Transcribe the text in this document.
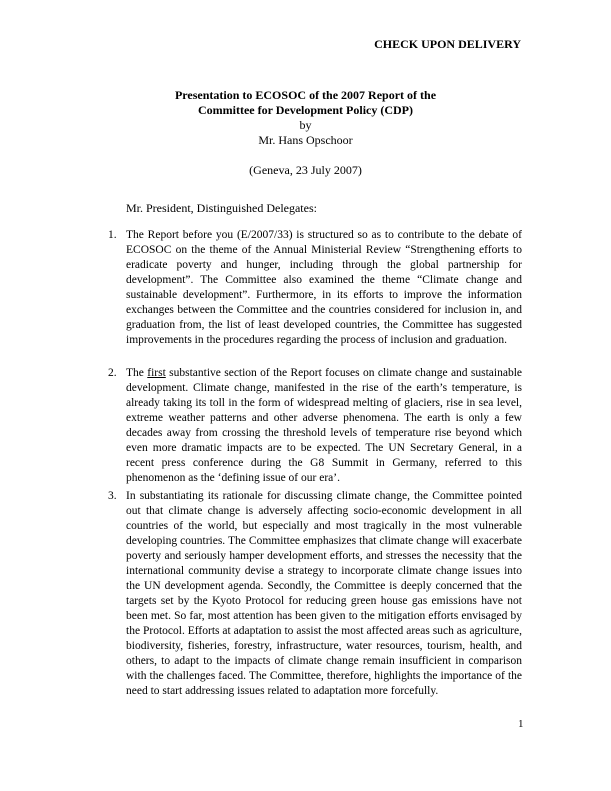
CHECK UPON DELIVERY
Presentation to ECOSOC of the 2007 Report of the
Committee for Development Policy (CDP)
by
Mr. Hans Opschoor
(Geneva, 23 July 2007)
Mr. President, Distinguished Delegates:
1. The Report before you (E/2007/33) is structured so as to contribute to the debate of ECOSOC on the theme of the Annual Ministerial Review “Strengthening efforts to eradicate poverty and hunger, including through the global partnership for development”. The Committee also examined the theme “Climate change and sustainable development”. Furthermore, in its efforts to improve the information exchanges between the Committee and the countries considered for inclusion in, and graduation from, the list of least developed countries, the Committee has suggested improvements in the procedures regarding the process of inclusion and graduation.
2. The first substantive section of the Report focuses on climate change and sustainable development. Climate change, manifested in the rise of the earth’s temperature, is already taking its toll in the form of widespread melting of glaciers, rise in sea level, extreme weather patterns and other adverse phenomena. The earth is only a few decades away from crossing the threshold levels of temperature rise beyond which even more dramatic impacts are to be expected. The UN Secretary General, in a recent press conference during the G8 Summit in Germany, referred to this phenomenon as the ‘defining issue of our era’.
3. In substantiating its rationale for discussing climate change, the Committee pointed out that climate change is adversely affecting socio-economic development in all countries of the world, but especially and most tragically in the most vulnerable developing countries. The Committee emphasizes that climate change will exacerbate poverty and seriously hamper development efforts, and stresses the necessity that the international community devise a strategy to incorporate climate change issues into the UN development agenda. Secondly, the Committee is deeply concerned that the targets set by the Kyoto Protocol for reducing green house gas emissions have not been met. So far, most attention has been given to the mitigation efforts envisaged by the Protocol. Efforts at adaptation to assist the most affected areas such as agriculture, biodiversity, fisheries, forestry, infrastructure, water resources, tourism, health, and others, to adapt to the impacts of climate change remain insufficient in comparison with the challenges faced. The Committee, therefore, highlights the importance of the need to start addressing issues related to adaptation more forcefully.
1
